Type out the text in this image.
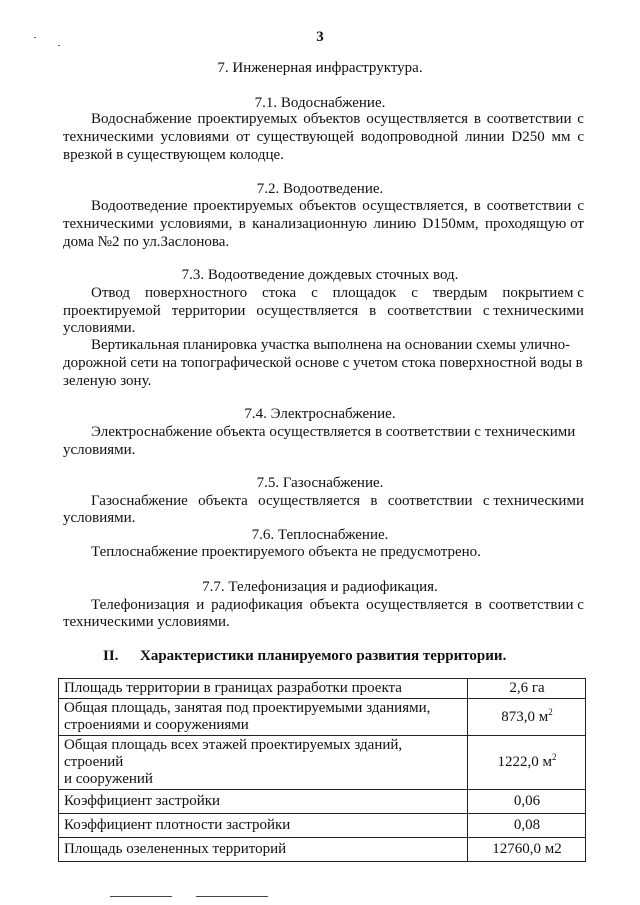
3
7. Инженерная инфраструктура.
7.1. Водоснабжение.
Водоснабжение проектируемых объектов осуществляется в соответствии с
техническими условиями от существующей водопроводной линии D250 мм с
врезкой в существующем колодце.
7.2. Водоотведение.
Водоотведение проектируемых объектов осуществляется, в соответствии с
техническими условиями, в канализационную линию D150мм, проходящую от
дома №2 по ул.Заслонова.
7.3. Водоотведение дождевых сточных вод.
Отвод поверхностного стока с площадок с твердым покрытием с
проектируемой территории осуществляется в соответствии с техническими
условиями.
Вертикальная планировка участка выполнена на основании схемы улично-
дорожной сети на топографической основе с учетом стока поверхностной воды в
зеленую зону.
7.4. Электроснабжение.
Электроснабжение объекта осуществляется в соответствии с техническими
условиями.
7.5. Газоснабжение.
Газоснабжение объекта осуществляется в соответствии с техническими
условиями.
7.6. Теплоснабжение.
Теплоснабжение проектируемого объекта не предусмотрено.
7.7. Телефонизация и радиофикация.
Телефонизация и радиофикация объекта осуществляется в соответствии с
техническими условиями.
II. Характеристики планируемого развития территории.
Площадь территории в границах разработки проекта	2,6 га
Общая площадь, занятая под проектируемыми зданиями,
строениями и сооружениями	873,0 $м^2$
Общая площадь всех этажей проектируемых зданий, строений
и сооружений	1222,0 $м^2$
Коэффициент застройки	0,06
Коэффициент плотности застройки	0,08
Площадь озелененных территорий	12760,0 м2
